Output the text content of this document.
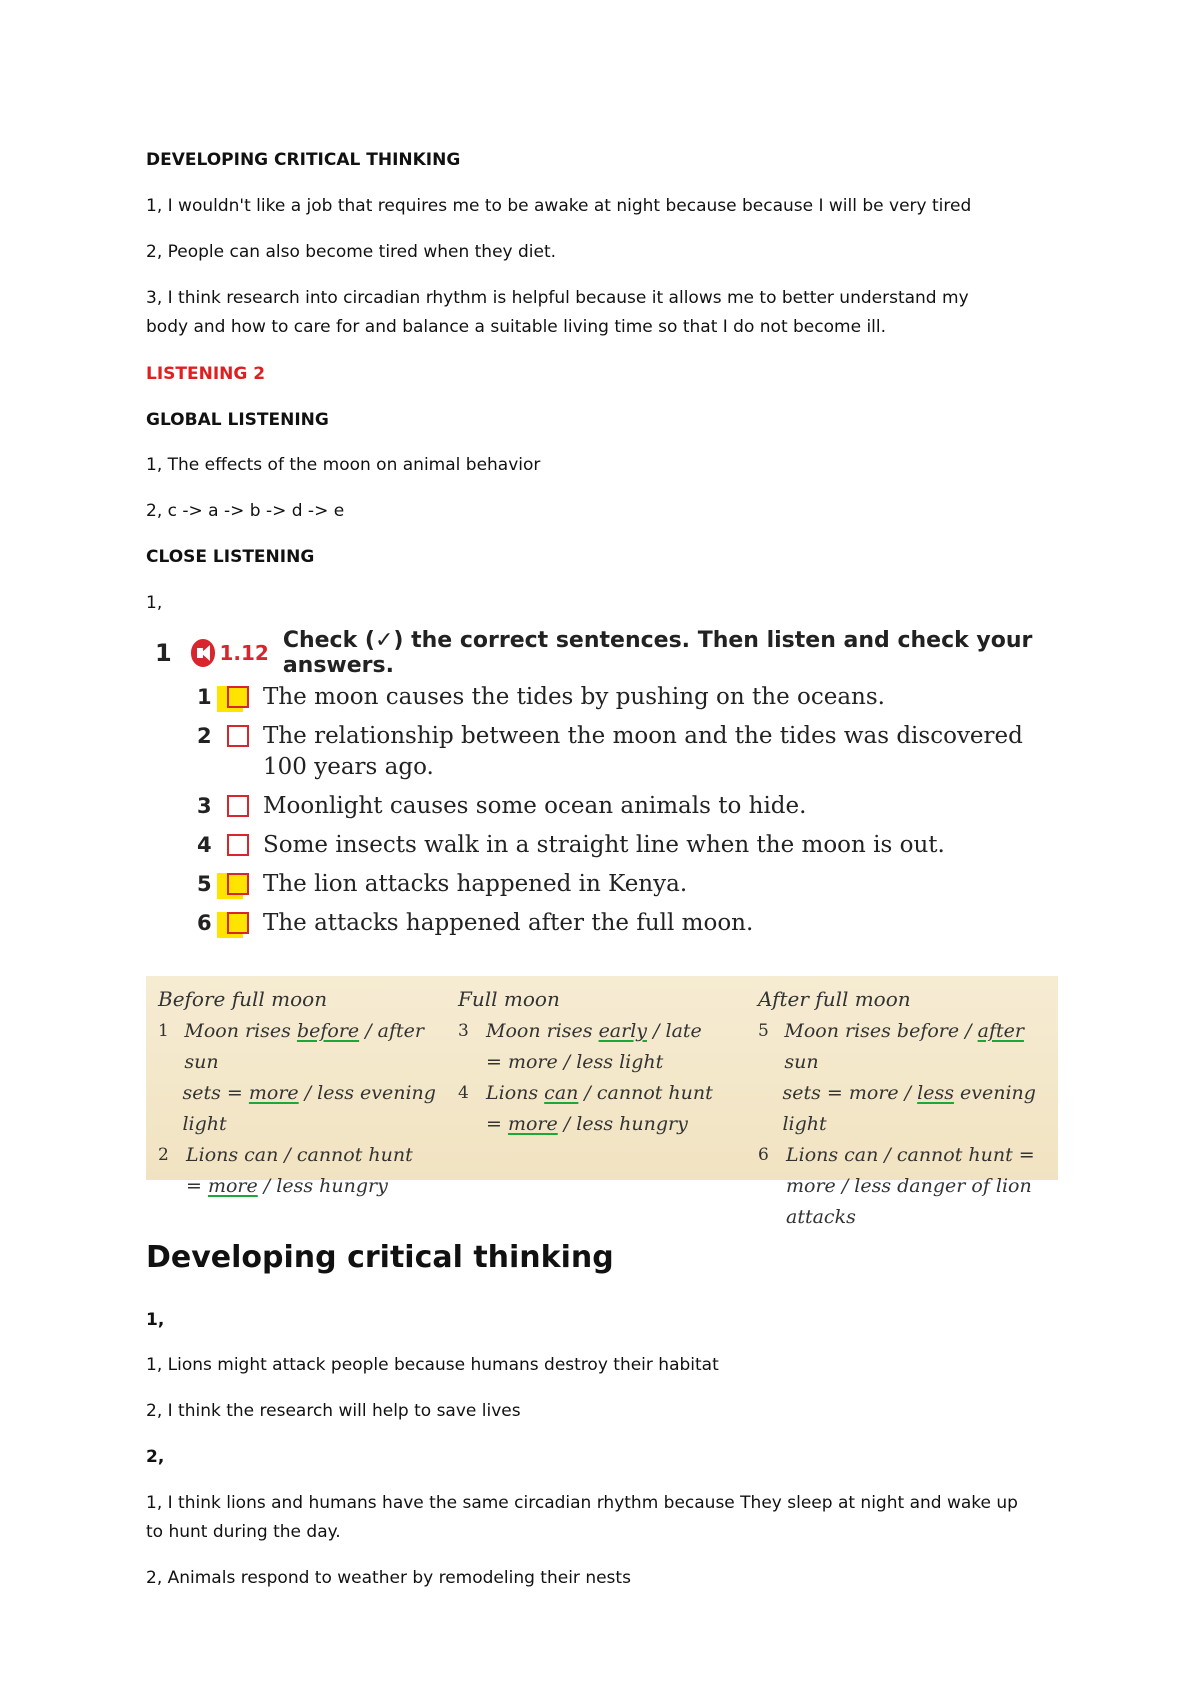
DEVELOPING CRITICAL THINKING

1, I wouldn't like a job that requires me to be awake at night because because I will be very tired

2, People can also become tired when they diet.

3, I think research into circadian rhythm is helpful because it allows me to better understand my

body and how to care for and balance a suitable living time so that I do not become ill.

LISTENING 2

GLOBAL LISTENING

1, The effects of the moon on animal behavior

2, c -> a -> b -> d -> e

CLOSE LISTENING

1,

1	1.12 Check (✓) the correct sentences. Then listen and check your answers.
1	The moon causes the tides by pushing on the oceans.
2	The relationship between the moon and the tides was discovered
100 years ago.
3	Moonlight causes some ocean animals to hide.
4	Some insects walk in a straight line when the moon is out.
5	The lion attacks happened in Kenya.
6	The attacks happened after the full moon.
Before full moon
1 Moon rises before / after sun
sets = more / less evening light
2 Lions can / cannot hunt
= more / less hungry
Full moon
3 Moon rises early / late
= more / less light
4 Lions can / cannot hunt
= more / less hungry
After full moon
5 Moon rises before / after sun
sets = more / less evening light
6 Lions can / cannot hunt =
more / less danger of lion
attacks
Developing critical thinking

1,

1, Lions might attack people because humans destroy their habitat

2, I think the research will help to save lives

2,

1, I think lions and humans have the same circadian rhythm because They sleep at night and wake up

to hunt during the day.

2, Animals respond to weather by remodeling their nests
